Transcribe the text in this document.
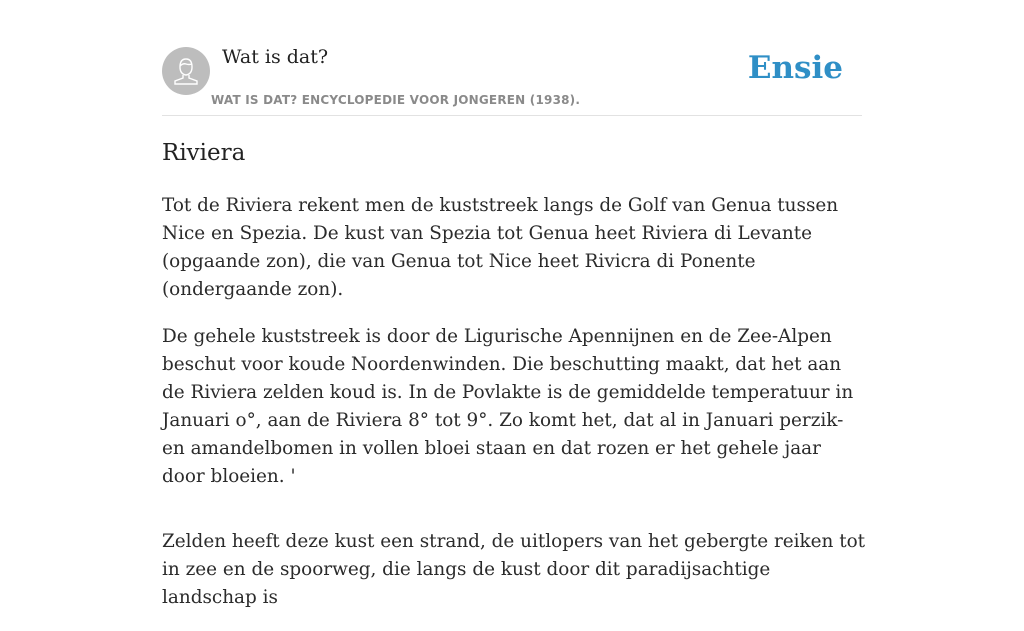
Wat is dat?
WAT IS DAT? ENCYCLOPEDIE VOOR JONGEREN (1938).
Ensie
Riviera

Tot de Riviera rekent men de kuststreek langs de Golf van Genua tussen Nice en Spezia. De kust van Spezia tot Genua heet Riviera di Levante (opgaande zon), die van Genua tot Nice heet Rivicra di Ponente (ondergaande zon).

De gehele kuststreek is door de Ligurische Apennijnen en de Zee-Alpen beschut voor koude Noordenwinden. Die beschutting maakt, dat het aan de Riviera zelden koud is. In de Povlakte is de gemiddelde temperatuur in Januari o°, aan de Riviera 8° tot 9°. Zo komt het, dat al in Januari perzik- en amandelbomen in vollen bloei staan en dat rozen er het gehele jaar door bloeien. '

Zelden heeft deze kust een strand, de uitlopers van het gebergte reiken tot in zee en de spoorweg, die langs de kust door dit paradijsachtige landschap is
